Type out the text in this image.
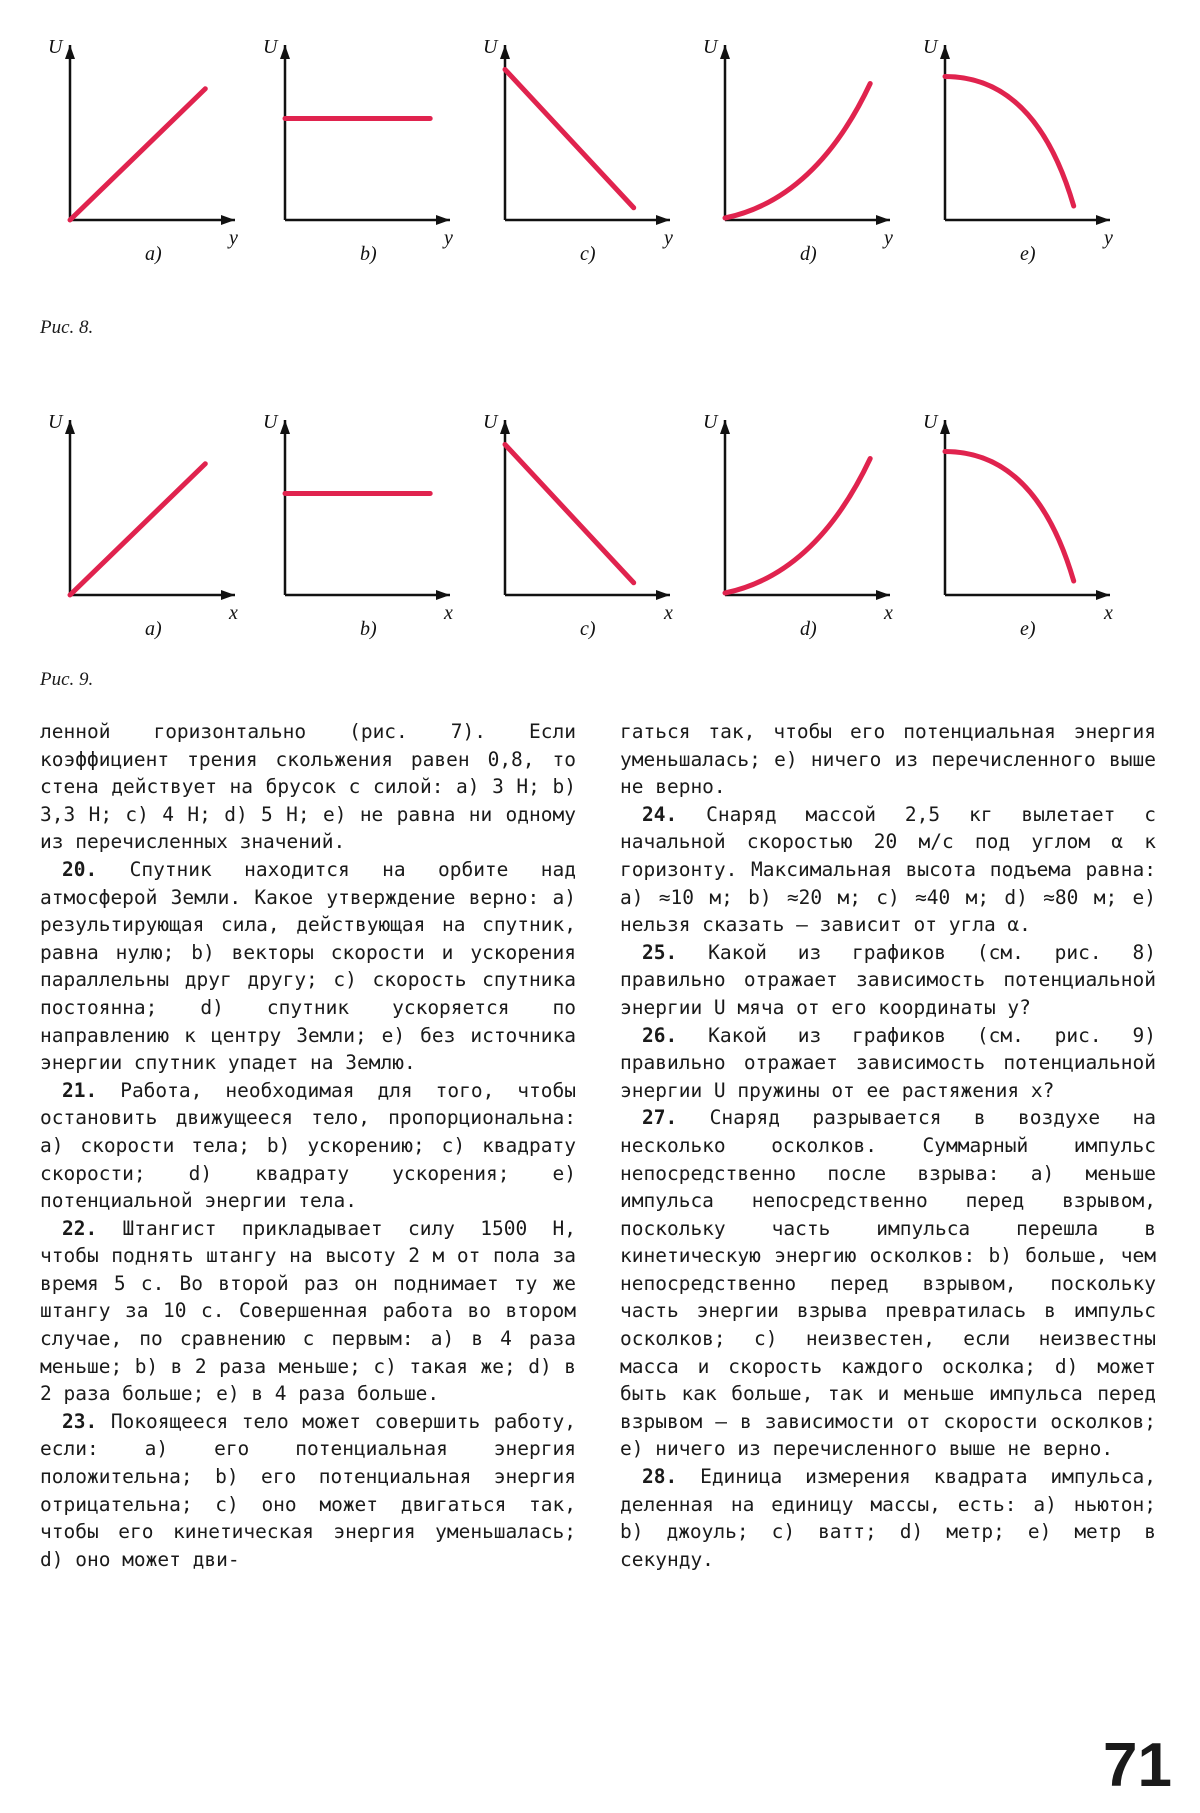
U
y
a)
U
y
b)
U
y
c)
U
y
d)
U
y
e)
Рис. 8.
U
x
a)
U
x
b)
U
x
c)
U
x
d)
U
x
e)
Рис. 9.

ленной горизонтально (рис. 7). Если коэффициент трения скольжения равен 0,8, то стена действует на брусок с силой: а) 3 Н; b) 3,3 Н; c) 4 Н; d) 5 Н; e) не равна ни одному из перечисленных значений.

20. Спутник находится на орбите над атмосферой Земли. Какое утверждение верно: а) результирующая сила, действующая на спутник, равна нулю; b) векторы скорости и ускорения параллельны друг другу; c) скорость спутника постоянна; d) спутник ускоряется по направлению к центру Земли; e) без источника энергии спутник упадет на Землю.

21. Работа, необходимая для того, чтобы остановить движущееся тело, пропорциональна: а) скорости тела; b) ускорению; c) квадрату скорости; d) квадрату ускорения; e) потенциальной энергии тела.

22. Штангист прикладывает силу 1500 Н, чтобы поднять штангу на высоту 2 м от пола за время 5 с. Во второй раз он поднимает ту же штангу за 10 с. Совершенная работа во втором случае, по сравнению с первым: а) в 4 раза меньше; b) в 2 раза меньше; c) такая же; d) в 2 раза больше; e) в 4 раза больше.

23. Покоящееся тело может совершить работу, если: а) его потенциальная энергия положительна; b) его потенциальная энергия отрицательна; c) оно может двигаться так, чтобы его кинетическая энергия уменьшалась; d) оно может дви-

гаться так, чтобы его потенциальная энергия уменьшалась; e) ничего из перечисленного выше не верно.

24. Снаряд массой 2,5 кг вылетает с начальной скоростью 20 м/с под углом α к горизонту. Максимальная высота подъема равна: а) ≈10 м; b) ≈20 м; c) ≈40 м; d) ≈80 м; e) нельзя сказать — зависит от угла α.

25. Какой из графиков (см. рис. 8) правильно отражает зависимость потенциальной энергии U мяча от его координаты y?

26. Какой из графиков (см. рис. 9) правильно отражает зависимость потенциальной энергии U пружины от ее растяжения x?

27. Снаряд разрывается в воздухе на несколько осколков. Суммарный импульс непосредственно после взрыва: а) меньше импульса непосредственно перед взрывом, поскольку часть импульса перешла в кинетическую энергию осколков: b) больше, чем непосредственно перед взрывом, поскольку часть энергии взрыва превратилась в импульс осколков; c) неизвестен, если неизвестны масса и скорость каждого осколка; d) может быть как больше, так и меньше импульса перед взрывом — в зависимости от скорости осколков; e) ничего из перечисленного выше не верно.

28. Единица измерения квадрата импульса, деленная на единицу массы, есть: а) ньютон; b) джоуль; c) ватт; d) метр; e) метр в секунду.

71
